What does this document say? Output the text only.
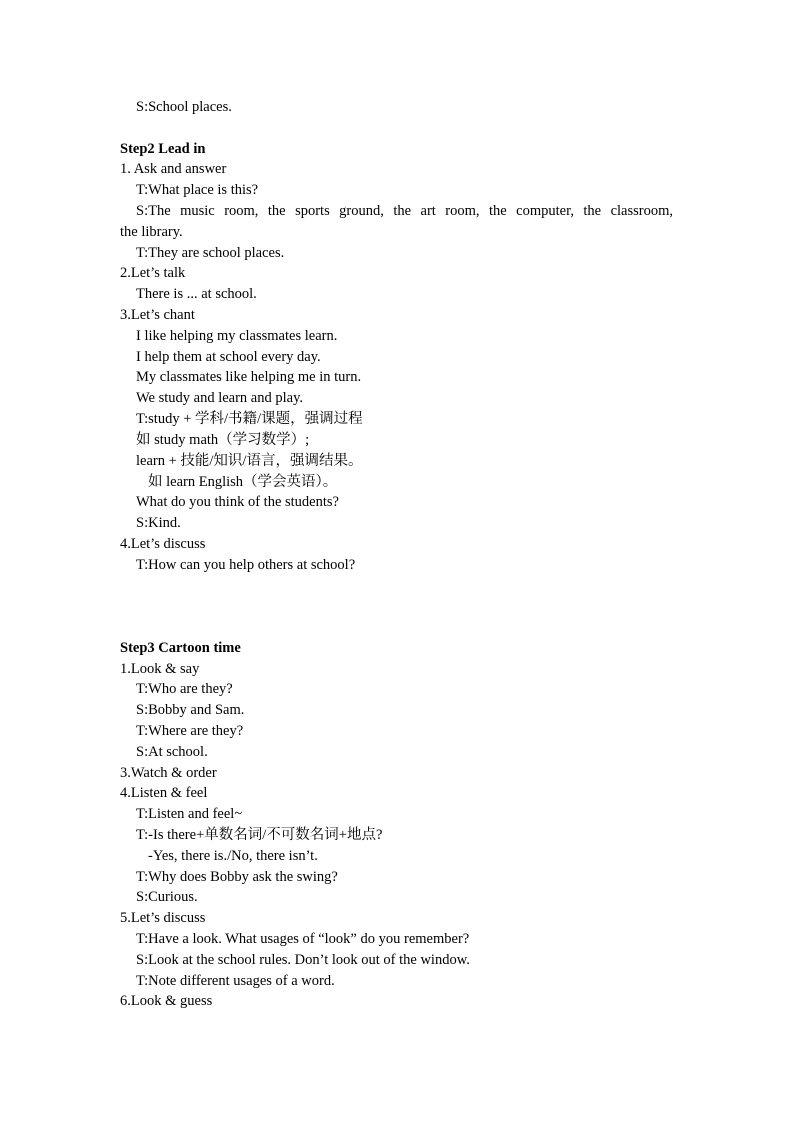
S:School places.
Step2 Lead in
1. Ask and answer
T:What place is this?
S:The music room, the sports ground, the art room, the computer, the classroom,
the library.
T:They are school places.
2.Let’s talk
There is ... at school.
3.Let’s chant
I like helping my classmates learn.
I help them at school every day.
My classmates like helping me in turn.
We study and learn and play.
T:study + 学科/书籍/课题，强调过程
如 study math（学习数学）;
learn + 技能/知识/语言，强调结果。
如 learn English（学会英语）。
What do you think of the students?
S:Kind.
4.Let’s discuss
T:How can you help others at school?
Step3 Cartoon time
1.Look & say
T:Who are they?
S:Bobby and Sam.
T:Where are they?
S:At school.
3.Watch & order
4.Listen & feel
T:Listen and feel~
T:-Is there+单数名词/不可数名词+地点?
-Yes, there is./No, there isn’t.
T:Why does Bobby ask the swing?
S:Curious.
5.Let’s discuss
T:Have a look. What usages of “look” do you remember?
S:Look at the school rules. Don’t look out of the window.
T:Note different usages of a word.
6.Look & guess
